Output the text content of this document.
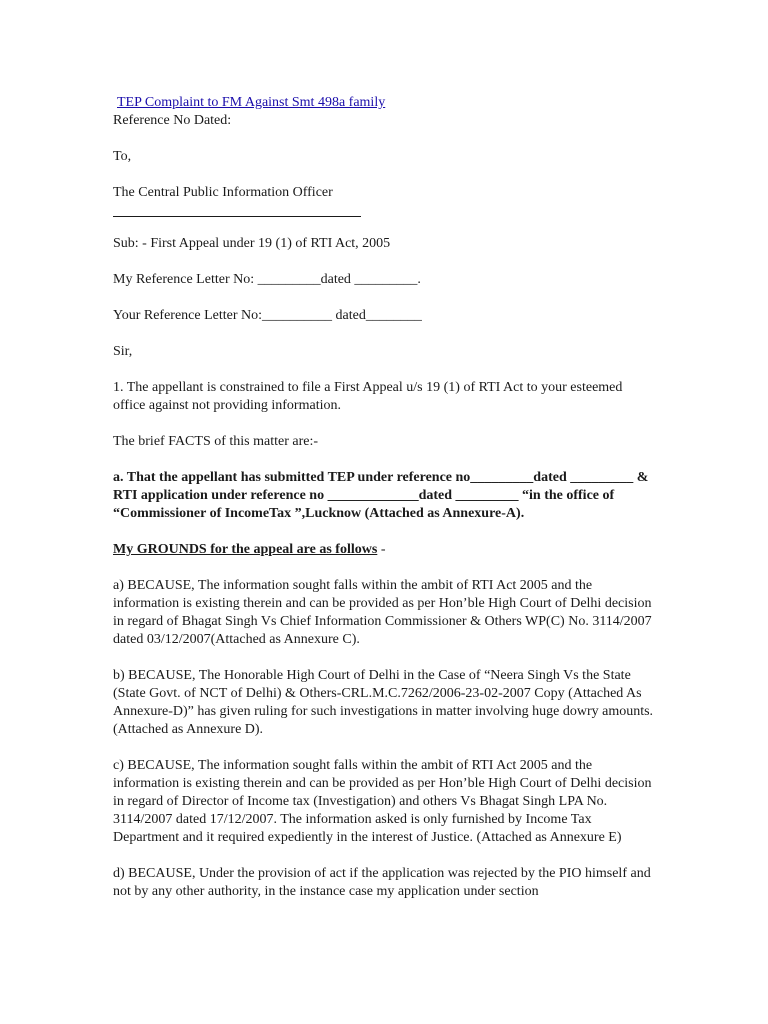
TEP Complaint to FM Against Smt 498a family

Reference No Dated:

To,

The Central Public Information Officer

Sub: - First Appeal under 19 (1) of RTI Act, 2005

My Reference Letter No: _________dated _________.

Your Reference Letter No:__________ dated________

Sir,

1. The appellant is constrained to file a First Appeal u/s 19 (1) of RTI Act to your esteemed office against not providing information.

The brief FACTS of this matter are:-

a. That the appellant has submitted TEP under reference no_________dated _________ & RTI application under reference no _____________dated _________ “in the office of “Commissioner of IncomeTax ”,Lucknow (Attached as Annexure-A).

My GROUNDS for the appeal are as follows -

a) BECAUSE, The information sought falls within the ambit of RTI Act 2005 and the information is existing therein and can be provided as per Hon’ble High Court of Delhi decision in regard of Bhagat Singh Vs Chief Information Commissioner & Others WP(C) No. 3114/2007 dated 03/12/2007(Attached as Annexure C).

b) BECAUSE, The Honorable High Court of Delhi in the Case of “Neera Singh Vs the State (State Govt. of NCT of Delhi) & Others-CRL.M.C.7262/2006-23-02-2007 Copy (Attached As Annexure-D)” has given ruling for such investigations in matter involving huge dowry amounts. (Attached as Annexure D).

c) BECAUSE, The information sought falls within the ambit of RTI Act 2005 and the information is existing therein and can be provided as per Hon’ble High Court of Delhi decision in regard of Director of Income tax (Investigation) and others Vs Bhagat Singh LPA No. 3114/2007 dated 17/12/2007. The information asked is only furnished by Income Tax Department and it required expediently in the interest of Justice. (Attached as Annexure E)

d) BECAUSE, Under the provision of act if the application was rejected by the PIO himself and not by any other authority, in the instance case my application under section
